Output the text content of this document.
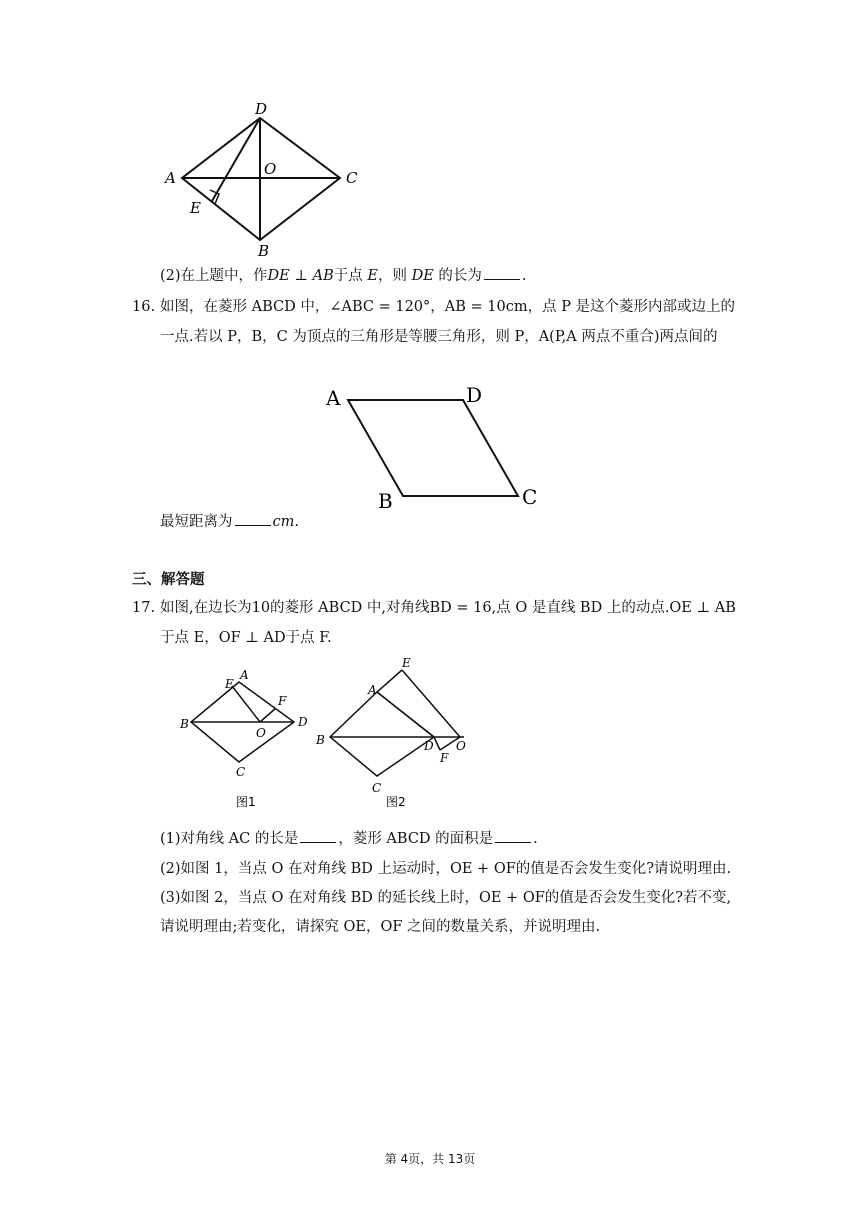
D
A	O	C
E
B
(2)在上题中，作DE ⊥ AB于点 E，则 DE 的长为	.
16. 如图，在菱形 ABCD 中，∠ABC = 120°，AB = 10cm，点 P 是这个菱形内部或边上的
一点.若以 P，B，C 为顶点的三角形是等腰三角形，则 P，A(P,A 两点不重合)两点间的
A	D
B	C
最短距离为	cm.
三、解答题
17. 如图,在边长为10的菱形 ABCD 中,对角线BD = 16,点 O 是直线 BD 上的动点.OE ⊥ AB
于点 E，OF ⊥ AD于点 F.
E
A
F
B
O
D
C
图1
E
A
B	D O
F
C
图2
(1)对角线 AC 的长是	，菱形 ABCD 的面积是	.
(2)如图 1，当点 O 在对角线 BD 上运动时，OE + OF的值是否会发生变化?请说明理由.
(3)如图 2，当点 O 在对角线 BD 的延长线上时，OE + OF的值是否会发生变化?若不变,
请说明理由;若变化，请探究 OE，OF 之间的数量关系，并说明理由.
第 4页，共 13页
